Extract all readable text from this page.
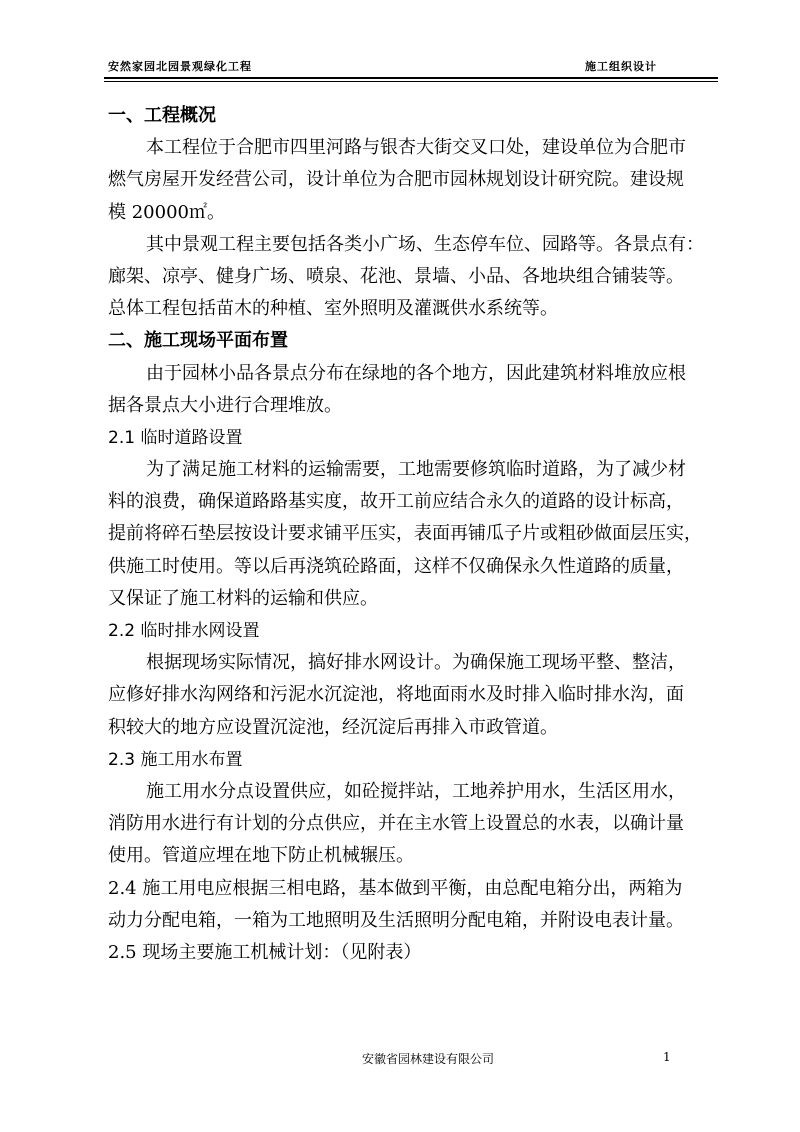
安然家园北园景观绿化工程	施工组织设计
一、工程概况
本工程位于合肥市四里河路与银杏大街交叉口处，建设单位为合肥市
燃气房屋开发经营公司，设计单位为合肥市园林规划设计研究院。建设规
模 20000㎡。
其中景观工程主要包括各类小广场、生态停车位、园路等。各景点有：
廊架、凉亭、健身广场、喷泉、花池、景墙、小品、各地块组合铺装等。
总体工程包括苗木的种植、室外照明及灌溉供水系统等。
二、施工现场平面布置
由于园林小品各景点分布在绿地的各个地方，因此建筑材料堆放应根
据各景点大小进行合理堆放。
2.1 临时道路设置
为了满足施工材料的运输需要，工地需要修筑临时道路，为了减少材
料的浪费，确保道路路基实度，故开工前应结合永久的道路的设计标高，
提前将碎石垫层按设计要求铺平压实，表面再铺瓜子片或粗砂做面层压实，
供施工时使用。等以后再浇筑砼路面，这样不仅确保永久性道路的质量，
又保证了施工材料的运输和供应。
2.2 临时排水网设置
根据现场实际情况，搞好排水网设计。为确保施工现场平整、整洁，
应修好排水沟网络和污泥水沉淀池，将地面雨水及时排入临时排水沟，面
积较大的地方应设置沉淀池，经沉淀后再排入市政管道。
2.3 施工用水布置
施工用水分点设置供应，如砼搅拌站，工地养护用水，生活区用水，
消防用水进行有计划的分点供应，并在主水管上设置总的水表，以确计量
使用。管道应埋在地下防止机械辗压。
2.4 施工用电应根据三相电路，基本做到平衡，由总配电箱分出，两箱为
动力分配电箱，一箱为工地照明及生活照明分配电箱，并附设电表计量。
2.5 现场主要施工机械计划：（见附表）
安徽省园林建设有限公司	1
